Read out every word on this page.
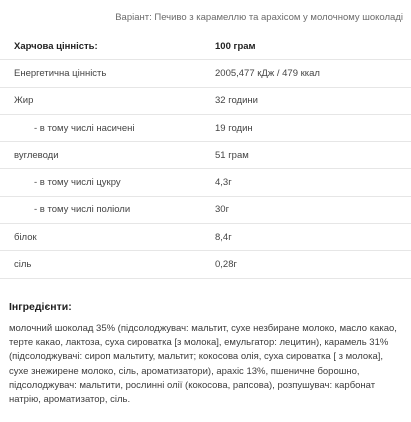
Варіант: Печиво з карамеллю та арахісом у молочному шоколаді
Харчова цінність:	100 грам
Енергетична цінність	2005,477 кДж / 479 ккал
Жир	32 години
- в тому числі насичені	19 годин
вуглеводи	51 грам
- в тому числі цукру	4,3г
- в тому числі поліоли	30г
білок	8,4г
сіль	0,28г
Інгредієнти:
молочний шоколад 35% (підсолоджувач: мальтит, сухе незбиране молоко, масло какао, терте какао, лактоза, суха сироватка [з молока], емульгатор: лецитин), карамель 31% (підсолоджувачі: сироп мальтиту, мальтит; кокосова олія, суха сироватка [ з молока], сухе знежирене молоко, сіль, ароматизатори), арахіс 13%, пшеничне борошно, підсолоджувач: мальтити, рослинні олії (кокосова, рапсова), розпушувач: карбонат натрію, ароматизатор, сіль.
